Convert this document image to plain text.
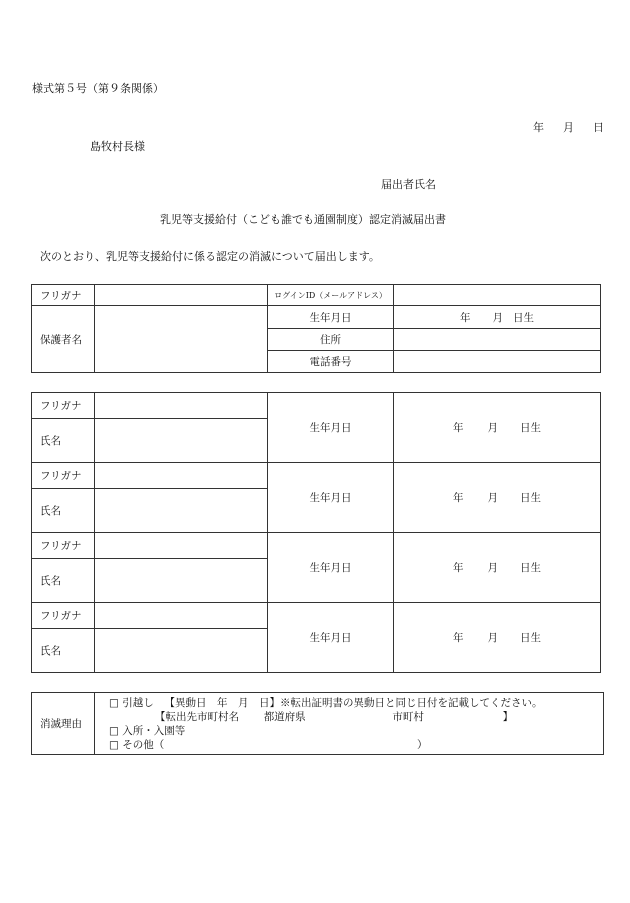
様式第５号（第９条関係）
年 月 日
島牧村長様
届出者氏名
乳児等支援給付（こども誰でも通園制度）認定消滅届出書
次のとおり、乳児等支援給付に係る認定の消滅について届出します。
フリガナ		ログインID（メールアドレス）	
保護者名		生年月日	年 月 日生
		住所	
		電話番号	
フリガナ		生年月日	年 月 日生
氏名			
フリガナ		生年月日	年 月 日生
氏名			
フリガナ		生年月日	年 月 日生
氏名			
フリガナ		生年月日	年 月 日生
氏名			
消滅理由	
□ 引越し 【異動日　年　月　日】※転出証明書の異動日と同じ日付を記載してください。
【転出先市町村名 都道府県	市町村	】
□ 入所・入園等
□ その他（	）
